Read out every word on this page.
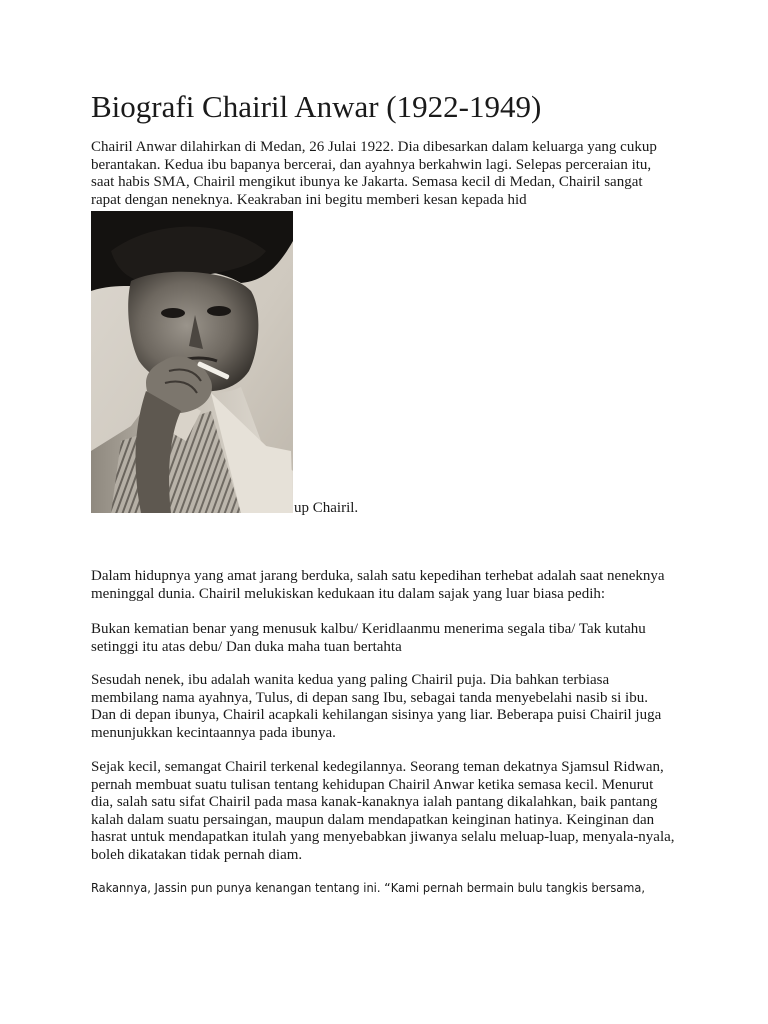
Biografi Chairil Anwar (1922-1949)

Chairil Anwar dilahirkan di Medan, 26 Julai 1922. Dia dibesarkan dalam keluarga yang cukup
berantakan. Kedua ibu bapanya bercerai, dan ayahnya berkahwin lagi. Selepas perceraian itu,
saat habis SMA, Chairil mengikut ibunya ke Jakarta. Semasa kecil di Medan, Chairil sangat
rapat dengan neneknya. Keakraban ini begitu memberi kesan kepada hid

up Chairil.

Dalam hidupnya yang amat jarang berduka, salah satu kepedihan terhebat adalah saat neneknya
meninggal dunia. Chairil melukiskan kedukaan itu dalam sajak yang luar biasa pedih:

Bukan kematian benar yang menusuk kalbu/ Keridlaanmu menerima segala tiba/ Tak kutahu
setinggi itu atas debu/ Dan duka maha tuan bertahta

Sesudah nenek, ibu adalah wanita kedua yang paling Chairil puja. Dia bahkan terbiasa
membilang nama ayahnya, Tulus, di depan sang Ibu, sebagai tanda menyebelahi nasib si ibu.
Dan di depan ibunya, Chairil acapkali kehilangan sisinya yang liar. Beberapa puisi Chairil juga
menunjukkan kecintaannya pada ibunya.

Sejak kecil, semangat Chairil terkenal kedegilannya. Seorang teman dekatnya Sjamsul Ridwan,
pernah membuat suatu tulisan tentang kehidupan Chairil Anwar ketika semasa kecil. Menurut
dia, salah satu sifat Chairil pada masa kanak-kanaknya ialah pantang dikalahkan, baik pantang
kalah dalam suatu persaingan, maupun dalam mendapatkan keinginan hatinya. Keinginan dan
hasrat untuk mendapatkan itulah yang menyebabkan jiwanya selalu meluap-luap, menyala-nyala,
boleh dikatakan tidak pernah diam.

Rakannya, Jassin pun punya kenangan tentang ini. “Kami pernah bermain bulu tangkis bersama,
